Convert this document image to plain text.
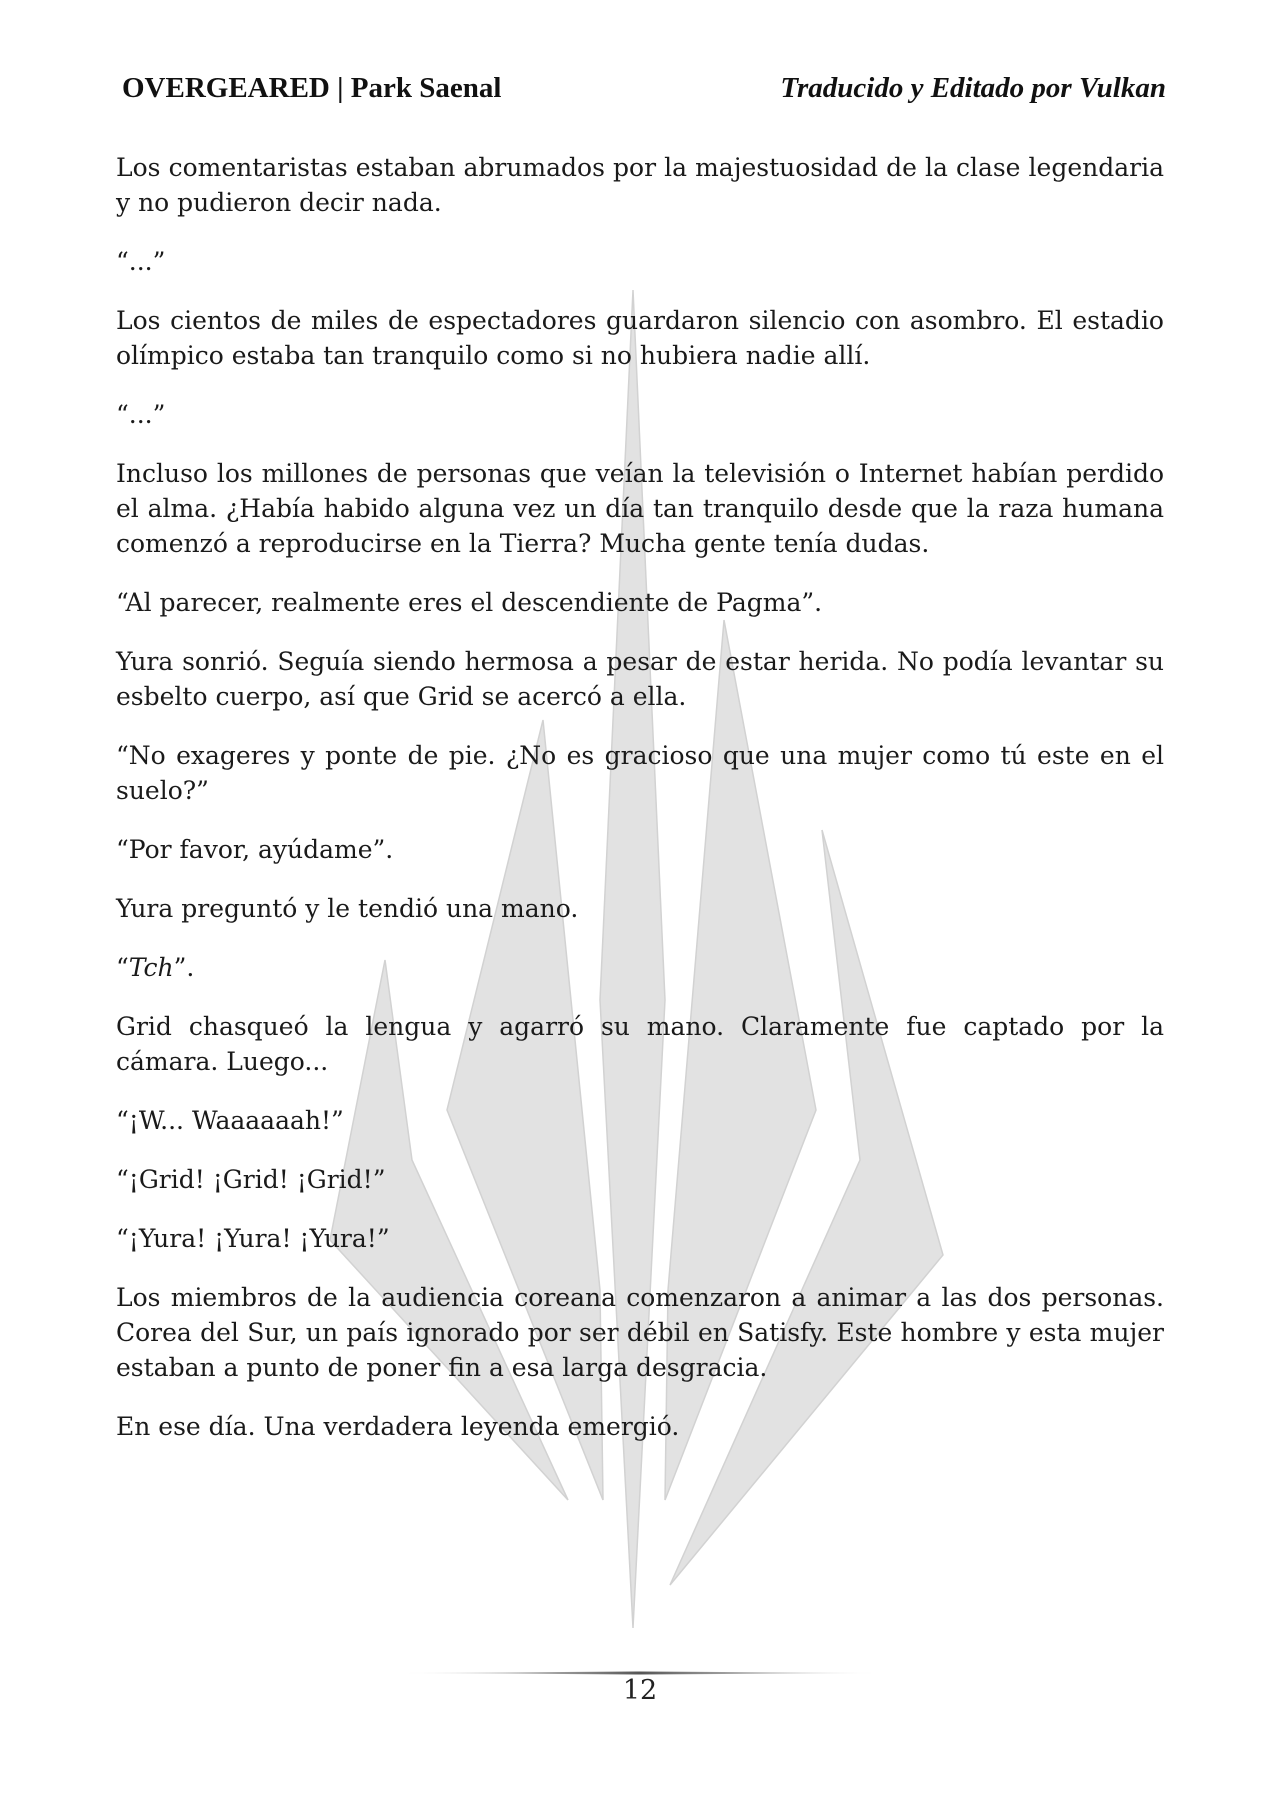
OVERGEARED | Park Saenal	Traducido y Editado por Vulkan

Los comentaristas estaban abrumados por la majestuosidad de la clase legendaria y no pudieron decir nada.

“...”

Los cientos de miles de espectadores guardaron silencio con asombro. El estadio olímpico estaba tan tranquilo como si no hubiera nadie allí.

“...”

Incluso los millones de personas que veían la televisión o Internet habían perdido el alma. ¿Había habido alguna vez un día tan tranquilo desde que la raza humana comenzó a reproducirse en la Tierra? Mucha gente tenía dudas.

“Al parecer, realmente eres el descendiente de Pagma”.

Yura sonrió. Seguía siendo hermosa a pesar de estar herida. No podía levantar su esbelto cuerpo, así que Grid se acercó a ella.

“No exageres y ponte de pie. ¿No es gracioso que una mujer como tú este en el suelo?”

“Por favor, ayúdame”.

Yura preguntó y le tendió una mano.

“Tch”.

Grid chasqueó la lengua y agarró su mano. Claramente fue captado por la cámara. Luego...

“¡W... Waaaaaah!”

“¡Grid! ¡Grid! ¡Grid!”

“¡Yura! ¡Yura! ¡Yura!”

Los miembros de la audiencia coreana comenzaron a animar a las dos personas. Corea del Sur, un país ignorado por ser débil en Satisfy. Este hombre y esta mujer estaban a punto de poner fin a esa larga desgracia.

En ese día. Una verdadera leyenda emergió.

12
